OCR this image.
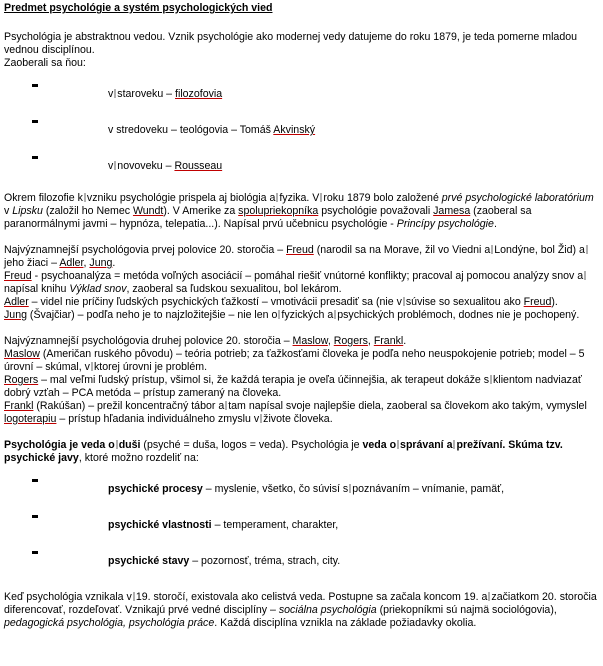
Predmet psychológie a systém psychologických vied

Psychológia je abstraktnou vedou. Vznik psychológie ako modernej vedy datujeme do roku 1879, je teda pomerne mladou vednou disciplínou.

Zaoberali sa ňou:

v staroveku – filozofovia
v stredoveku – teológovia – Tomáš Akvinský
v novoveku – Rousseau

Okrem filozofie k vzniku psychológie prispela aj biológia a fyzika. V roku 1879 bolo založené prvé psychologické laboratórium v Lipsku (založil ho Nemec Wundt). V Amerike za spolupriekopníka psychológie považovali Jamesa (zaoberal sa paranormálnymi javmi – hypnóza, telepatia...). Napísal prvú učebnicu psychológie - Princípy psychológie.

Najvýznamnejší psychológovia prvej polovice 20. storočia – Freud (narodil sa na Morave, žil vo Viedni a Londýne, bol Žid) ajeho žiaci – Adler, Jung.

Freud - psychoanalýza = metóda voľných asociácií – pomáhal riešiť vnútorné konflikty; pracoval aj pomocou analýzy snov anapísal knihu Výklad snov, zaoberal sa ľudskou sexualitou, bol lekárom.

Adler – videl nie príčiny ľudských psychických ťažkostí – vmotivácii presadiť sa (nie v súvise so sexualitou ako Freud).

Jung (Švajčiar) – podľa neho je to najzložitejšie – nie len o fyzických a psychických problémoch, dodnes nie je pochopený.

Najvýznamnejší psychológovia druhej polovice 20. storočia – Maslow, Rogers, Frankl.

Maslow (Američan ruského pôvodu) – teória potrieb; za ťažkosťami človeka je podľa neho neuspokojenie potrieb; model – 5 úrovní – skúmal, v ktorej úrovni je problém.

Rogers – mal veľmi ľudský prístup, všimol si, že každá terapia je oveľa účinnejšia, ak terapeut dokáže s klientom nadviazať dobrý vzťah – PCA metóda – prístup zameraný na človeka.

Frankl (Rakúšan) – prežil koncentračný tábor a tam napísal svoje najlepšie diela, zaoberal sa človekom ako takým, vymyslel logoterapiu – prístup hľadania individuálneho zmyslu v živote človeka.

Psychológia je veda o duši (psyché = duša, logos = veda). Psychológia je veda o správaní a prežívaní. Skúma tzv. psychické javy, ktoré možno rozdeliť na:

psychické procesy – myslenie, všetko, čo súvisí s poznávaním – vnímanie, pamäť,
psychické vlastnosti – temperament, charakter,
psychické stavy – pozornosť, tréma, strach, city.

Keď psychológia vznikala v 19. storočí, existovala ako celistvá veda. Postupne sa začala koncom 19. a začiatkom 20. storočia diferencovať, rozdeľovať. Vznikajú prvé vedné disciplíny – sociálna psychológia (priekopníkmi sú najmä sociológovia), pedagogická psychológia, psychológia práce. Každá disciplína vznikla na základe požiadavky okolia.
